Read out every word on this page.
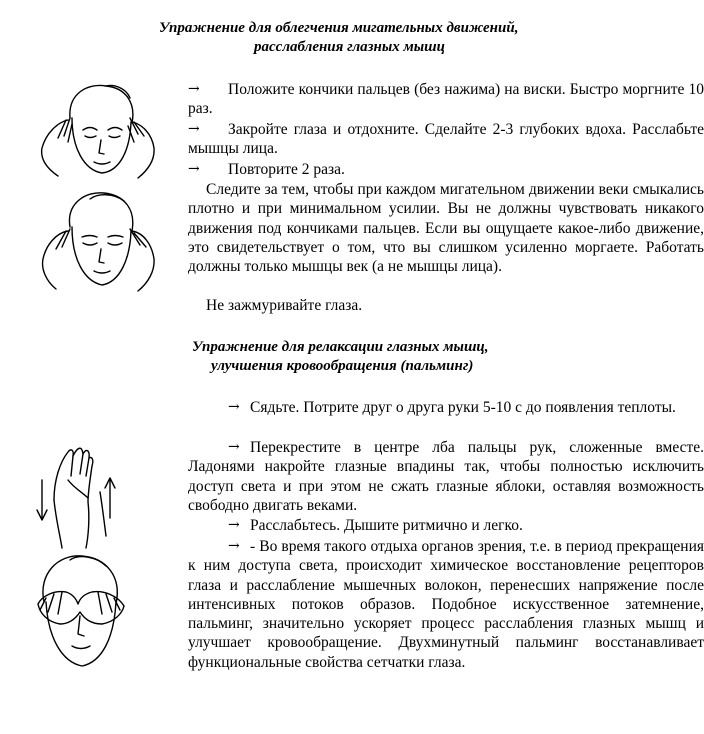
Упражнение для облегчения мигательных движений,

расслабления глазных мышц

→ Положите кончики пальцев (без нажима) на виски. Быстро моргните 10 раз.

→ Закройте глаза и отдохните. Сделайте 2-3 глубоких вдоха. Расслабьте мышцы лица.

→ Повторите 2 раза.

Следите за тем, чтобы при каждом мигательном движении веки смыкались плотно и при минимальном усилии. Вы не должны чувствовать никакого движения под кончиками пальцев. Если вы ощущаете какое-либо движение, это свидетельствует о том, что вы слишком усиленно моргаете. Работать должны только мышцы век (а не мышцы лица).

Не зажмуривайте глаза.

Упражнение для релаксации глазных мышц,

улучшения кровообращения (пальминг)

→ Сядьте. Потрите друг о друга руки 5-10 с до появления теплоты.

→ Перекрестите в центре лба пальцы рук, сложенные вместе. Ладонями накройте глазные впадины так, чтобы полностью исключить доступ света и при этом не сжать глазные яблоки, оставляя возможность свободно двигать веками.

→ Расслабьтесь. Дышите ритмично и легко.

→ - Во время такого отдыха органов зрения, т.е. в период прекращения к ним доступа света, происходит химическое восстановление рецепторов глаза и расслабление мышечных волокон, перенесших напряжение после интенсивных потоков образов. Подобное искусственное затемнение, пальминг, значительно ускоряет процесс расслабления глазных мышц и улучшает кровообращение. Двухминутный пальминг восстанавливает функциональные свойства сетчатки глаза.
